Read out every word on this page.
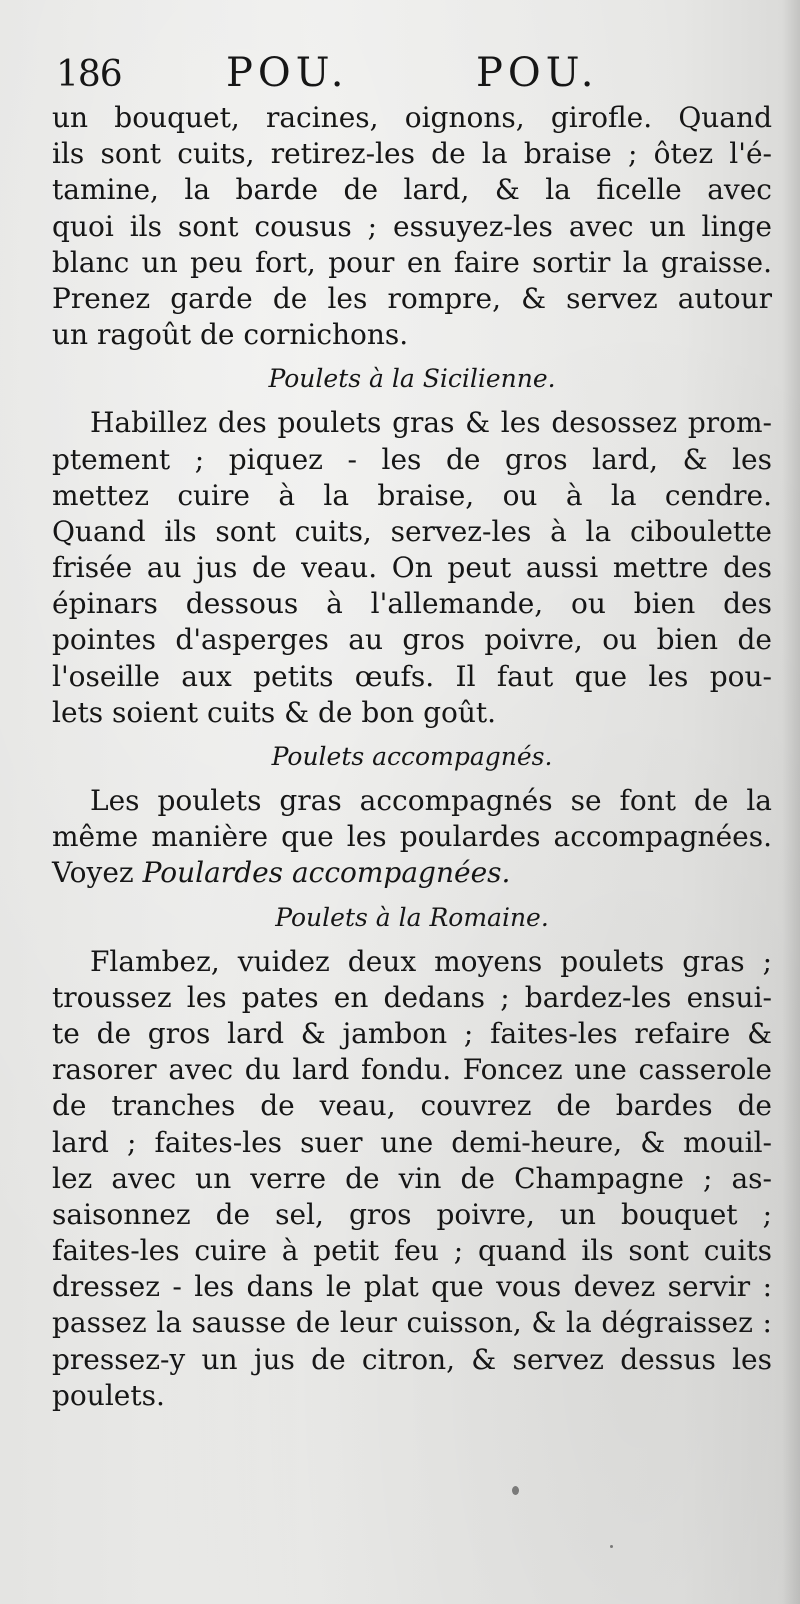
186	POU.	POU.
un bouquet, racines, oignons, girofle. Quand
ils sont cuits, retirez-les de la braise ; ôtez l'é-
tamine, la barde de lard, & la ficelle avec
quoi ils sont cousus ; essuyez-les avec un linge
blanc un peu fort, pour en faire sortir la graisse.
Prenez garde de les rompre, & servez autour
un ragoût de cornichons.
Poulets à la Sicilienne.
Habillez des poulets gras & les desossez prom-
ptement ; piquez - les de gros lard, & les
mettez cuire à la braise, ou à la cendre.
Quand ils sont cuits, servez-les à la ciboulette
frisée au jus de veau. On peut aussi mettre des
épinars dessous à l'allemande, ou bien des
pointes d'asperges au gros poivre, ou bien de
l'oseille aux petits œufs. Il faut que les pou-
lets soient cuits & de bon goût.
Poulets accompagnés.
Les poulets gras accompagnés se font de la
même manière que les poulardes accompagnées.
Voyez Poulardes accompagnées.
Poulets à la Romaine.
Flambez, vuidez deux moyens poulets gras ;
troussez les pates en dedans ; bardez-les ensui-
te de gros lard & jambon ; faites-les refaire &
rasorer avec du lard fondu. Foncez une casserole
de tranches de veau, couvrez de bardes de
lard ; faites-les suer une demi-heure, & mouil-
lez avec un verre de vin de Champagne ; as-
saisonnez de sel, gros poivre, un bouquet ;
faites-les cuire à petit feu ; quand ils sont cuits
dressez - les dans le plat que vous devez servir :
passez la sausse de leur cuisson, & la dégraissez :
pressez-y un jus de citron, & servez dessus les
poulets.
